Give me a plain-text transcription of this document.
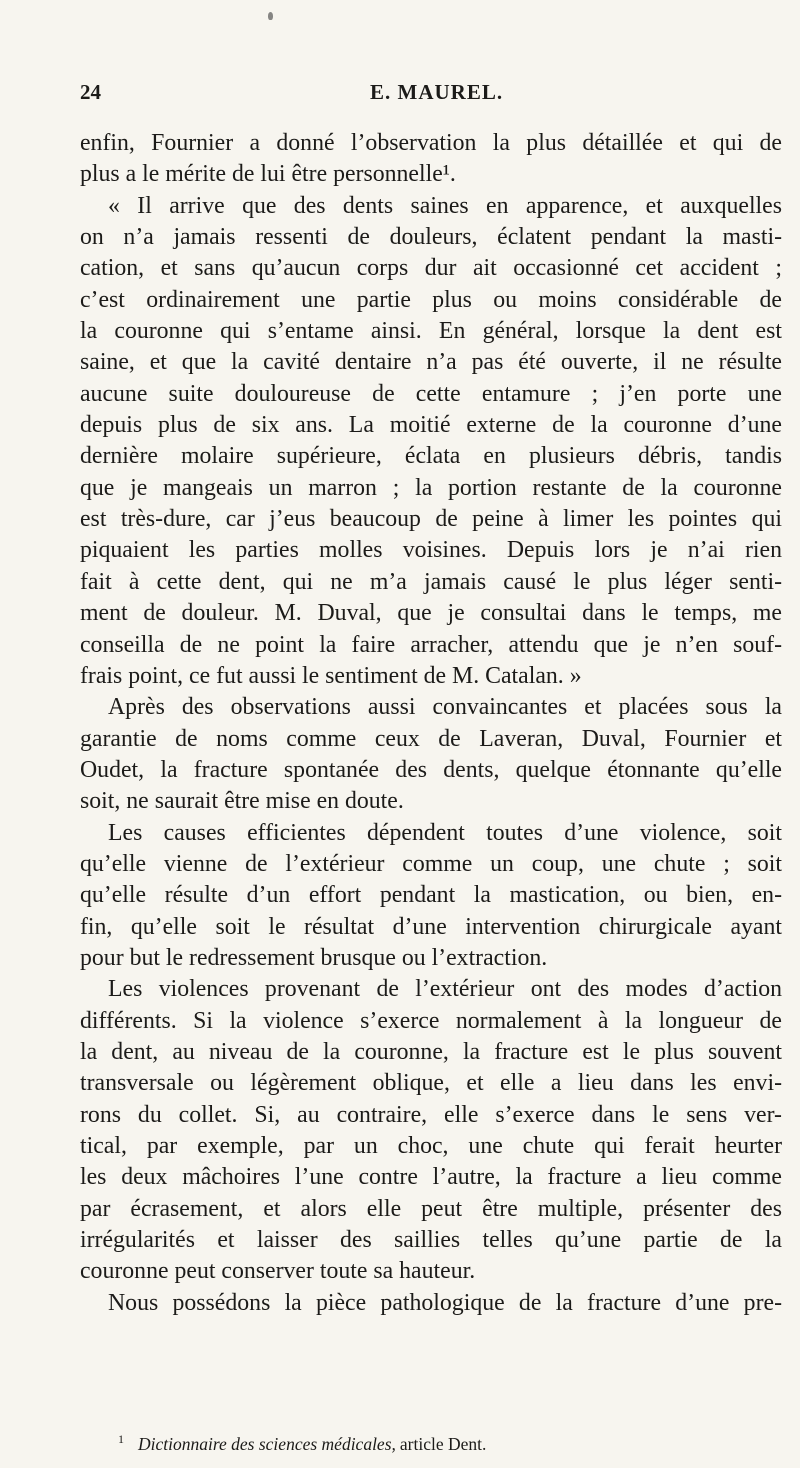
24	E. MAUREL.
enfin, Fournier a donné l’observation la plus détaillée et qui de
plus a le mérite de lui être personnelle¹.
« Il arrive que des dents saines en apparence, et auxquelles
on n’a jamais ressenti de douleurs, éclatent pendant la masti-
cation, et sans qu’aucun corps dur ait occasionné cet accident ;
c’est ordinairement une partie plus ou moins considérable de
la couronne qui s’entame ainsi. En général, lorsque la dent est
saine, et que la cavité dentaire n’a pas été ouverte, il ne résulte
aucune suite douloureuse de cette entamure ; j’en porte une
depuis plus de six ans. La moitié externe de la couronne d’une
dernière molaire supérieure, éclata en plusieurs débris, tandis
que je mangeais un marron ; la portion restante de la couronne
est très-dure, car j’eus beaucoup de peine à limer les pointes qui
piquaient les parties molles voisines. Depuis lors je n’ai rien
fait à cette dent, qui ne m’a jamais causé le plus léger senti-
ment de douleur. M. Duval, que je consultai dans le temps, me
conseilla de ne point la faire arracher, attendu que je n’en souf-
frais point, ce fut aussi le sentiment de M. Catalan. »
Après des observations aussi convaincantes et placées sous la
garantie de noms comme ceux de Laveran, Duval, Fournier et
Oudet, la fracture spontanée des dents, quelque étonnante qu’elle
soit, ne saurait être mise en doute.
Les causes efficientes dépendent toutes d’une violence, soit
qu’elle vienne de l’extérieur comme un coup, une chute ; soit
qu’elle résulte d’un effort pendant la mastication, ou bien, en-
fin, qu’elle soit le résultat d’une intervention chirurgicale ayant
pour but le redressement brusque ou l’extraction.
Les violences provenant de l’extérieur ont des modes d’action
différents. Si la violence s’exerce normalement à la longueur de
la dent, au niveau de la couronne, la fracture est le plus souvent
transversale ou légèrement oblique, et elle a lieu dans les envi-
rons du collet. Si, au contraire, elle s’exerce dans le sens ver-
tical, par exemple, par un choc, une chute qui ferait heurter
les deux mâchoires l’une contre l’autre, la fracture a lieu comme
par écrasement, et alors elle peut être multiple, présenter des
irrégularités et laisser des saillies telles qu’une partie de la
couronne peut conserver toute sa hauteur.
Nous possédons la pièce pathologique de la fracture d’une pre-
$^1$ Dictionnaire des sciences médicales, article Dent.
